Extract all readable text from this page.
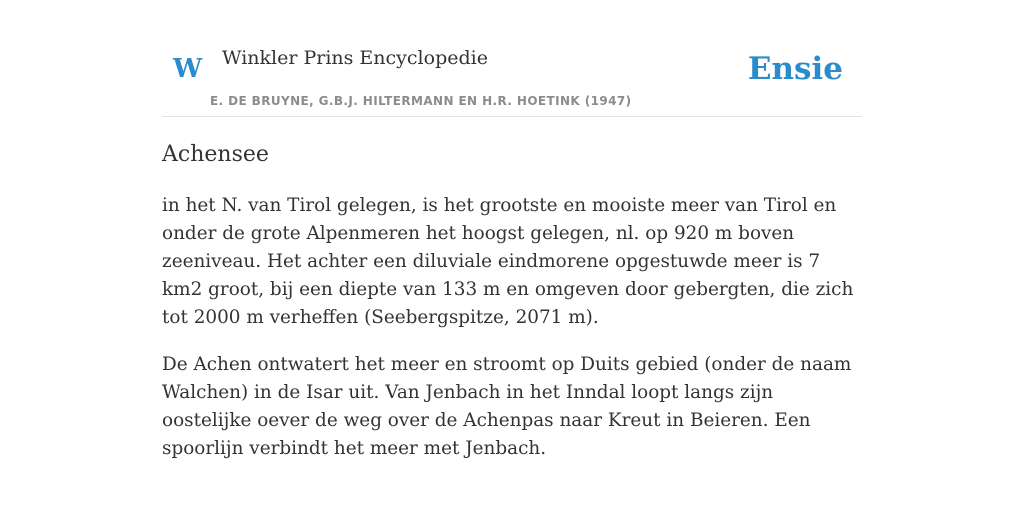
W Winkler Prins Encyclopedie
E. DE BRUYNE, G.B.J. HILTERMANN EN H.R. HOETINK (1947)
Ensie
Achensee

in het N. van Tirol gelegen, is het grootste en mooiste meer van Tirol en onder de grote Alpenmeren het hoogst gelegen, nl. op 920 m boven zeeniveau. Het achter een diluviale eindmorene opgestuwde meer is 7 km2 groot, bij een diepte van 133 m en omgeven door gebergten, die zich tot 2000 m verheffen (Seebergspitze, 2071 m).

De Achen ontwatert het meer en stroomt op Duits gebied (onder de naam Walchen) in de Isar uit. Van Jenbach in het Inndal loopt langs zijn oostelijke oever de weg over de Achenpas naar Kreut in Beieren. Een spoorlijn verbindt het meer met Jenbach.
